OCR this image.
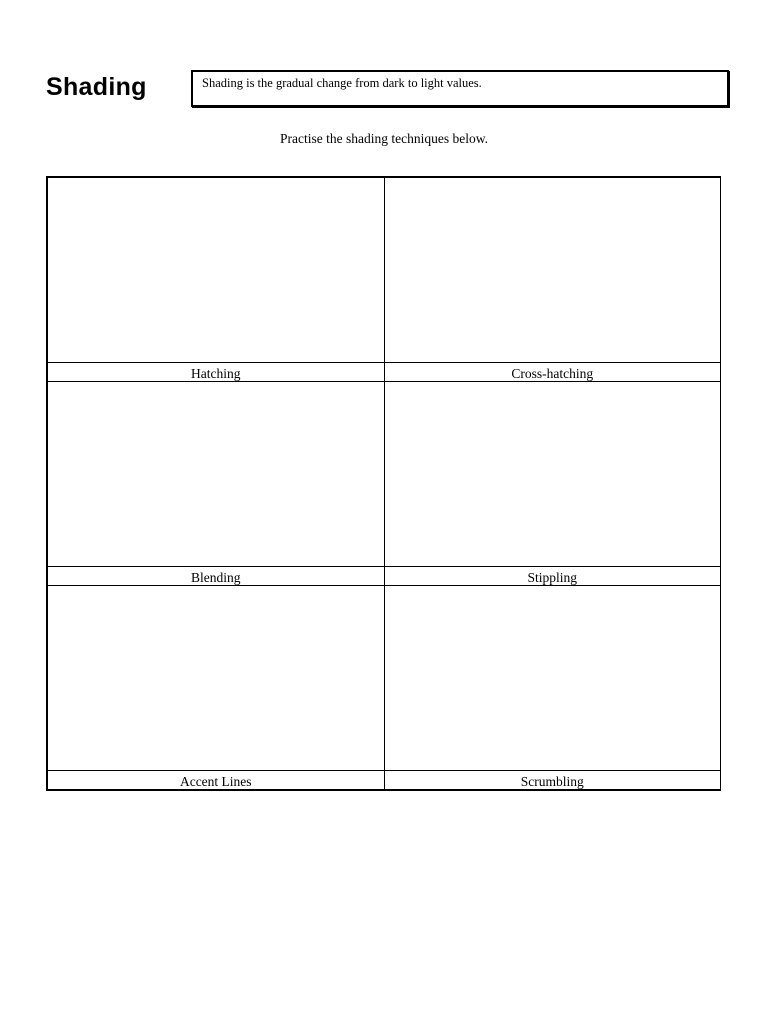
Shading	Shading is the gradual change from dark to light values.
Practise the shading techniques below.
Hatching	Cross-hatching
Blending	Stippling
Accent Lines	Scrumbling
